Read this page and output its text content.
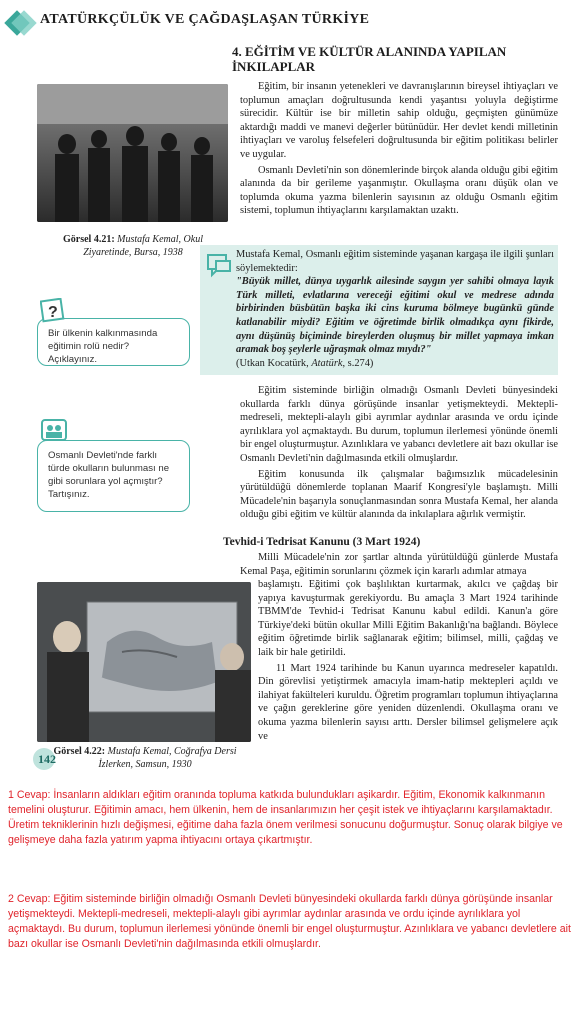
ATATÜRKÇÜLÜK VE ÇAĞDAŞLAŞAN TÜRKİYE
4. EĞİTİM VE KÜLTÜR ALANINDA YAPILAN İNKILAPLAR
Görsel 4.21: Mustafa Kemal, Okul Ziyaretinde, Bursa, 1938

Eğitim, bir insanın yetenekleri ve davranışlarının bireysel ihtiyaçları ve toplumun amaçları doğrultusunda kendi yaşantısı yoluyla değiştirme sürecidir. Kültür ise bir milletin sahip olduğu, geçmişten günümüze aktardığı maddi ve manevi değerler bütünüdür. Her devlet kendi milletinin ihtiyaçları ve varoluş felsefeleri doğrultusunda bir eğitim politikası belirler ve uygular.

Osmanlı Devleti'nin son dönemlerinde birçok alanda olduğu gibi eğitim alanında da bir gerileme yaşanmıştır. Okullaşma oranı düşük olan ve toplumda okuma yazma bilenlerin sayısının az olduğu Osmanlı eğitim sistemi, toplumun ihtiyaçlarını karşılamaktan uzaktı.

Mustafa Kemal, Osmanlı eğitim sisteminde yaşanan kargaşa ile ilgili şunları söylemektedir:

"Büyük millet, dünya uygarlık ailesinde saygın yer sahibi olmaya layık Türk milleti, evlatlarına vereceği eğitimi okul ve medrese adında birbirinden büsbütün başka iki cins kuruma bölmeye bugünkü günde katlanabilir miydi? Eğitim ve öğretimde birlik olmadıkça aynı fikirde, aynı düşünüş biçiminde bireylerden oluşmuş bir millet yapmaya imkan aramak boş şeylerle uğraşmak olmaz mıydı?"

(Utkan Kocatürk, Atatürk, s.274)

Bir ülkenin kalkınmasında eğitimin rolü nedir? Açıklayınız.
?

Eğitim sisteminde birliğin olmadığı Osmanlı Devleti bünyesindeki okullarda farklı dünya görüşünde insanlar yetişmekteydi. Mektepli-medreseli, mektepli-alaylı gibi ayrımlar aydınlar arasında ve ordu içinde ayrılıklara yol açmaktaydı. Bu durum, toplumun ilerlemesi yönünde önemli bir engel oluşturmuştur. Azınlıklara ve yabancı devletlere ait bazı okullar ise Osmanlı Devleti'nin dağılmasında etkili olmuşlardır.

Eğitim konusunda ilk çalışmalar bağımsızlık mücadelesinin yürütüldüğü dönemlerde toplanan Maarif Kongresi'yle başlamıştı. Milli Mücadele'nin başarıyla sonuçlanmasından sonra Mustafa Kemal, her alanda olduğu gibi eğitim ve kültür alanında da inkılaplara ağırlık vermiştir.

Osmanlı Devleti'nde farklı türde okulların bulunması ne gibi sorunlara yol açmıştır? Tartışınız.
Tevhid-i Tedrisat Kanunu (3 Mart 1924)

Milli Mücadele'nin zor şartlar altında yürütüldüğü günlerde Mustafa Kemal Paşa, eğitimin sorunlarını çözmek için kararlı adımlar atmaya

Görsel 4.22: Mustafa Kemal, Coğrafya Dersi İzlerken, Samsun, 1930

başlamıştı. Eğitimi çok başlılıktan kurtarmak, akılcı ve çağdaş bir yapıya kavuşturmak gerekiyordu. Bu amaçla 3 Mart 1924 tarihinde TBMM'de Tevhid-i Tedrisat Kanunu kabul edildi. Kanun'a göre Türkiye'deki bütün okullar Milli Eğitim Bakanlığı'na bağlandı. Böylece eğitim öğretimde birlik sağlanarak eğitim; bilimsel, milli, çağdaş ve laik bir hale getirildi.

11 Mart 1924 tarihinde bu Kanun uyarınca medreseler kapatıldı. Din görevlisi yetiştirmek amacıyla imam-hatip mektepleri açıldı ve ilahiyat fakülteleri kuruldu. Öğretim programları toplumun ihtiyaçlarına ve çağın gereklerine göre yeniden düzenlendi. Okullaşma oranı ve okuma yazma bilenlerin sayısı arttı. Dersler bilimsel gelişmelere açık ve

142
1 Cevap: İnsanların aldıkları eğitim oranında topluma katkıda bulundukları aşikardır. Eğitim, Ekonomik kalkınmanın temelini oluşturur. Eğitimin amacı, hem ülkenin, hem de insanlarımızın her çeşit istek ve ihtiyaçlarını karşılamaktadır. Üretim tekniklerinin hızlı değişmesi, eğitime daha fazla önem verilmesi sonucunu doğurmuştur. Sonuç olarak bilgiye ve gelişmeye daha fazla yatırım yapma ihtiyacını ortaya çıkartmıştır.
2 Cevap: Eğitim sisteminde birliğin olmadığı Osmanlı Devleti bünyesindeki okullarda farklı dünya görüşünde insanlar yetişmekteydi. Mektepli-medreseli, mektepli-alaylı gibi ayrımlar aydınlar arasında ve ordu içinde ayrılıklara yol açmaktaydı. Bu durum, toplumun ilerlemesi yönünde önemli bir engel oluşturmuştur. Azınlıklara ve yabancı devletlere ait bazı okullar ise Osmanlı Devleti'nin dağılmasında etkili olmuşlardır.
